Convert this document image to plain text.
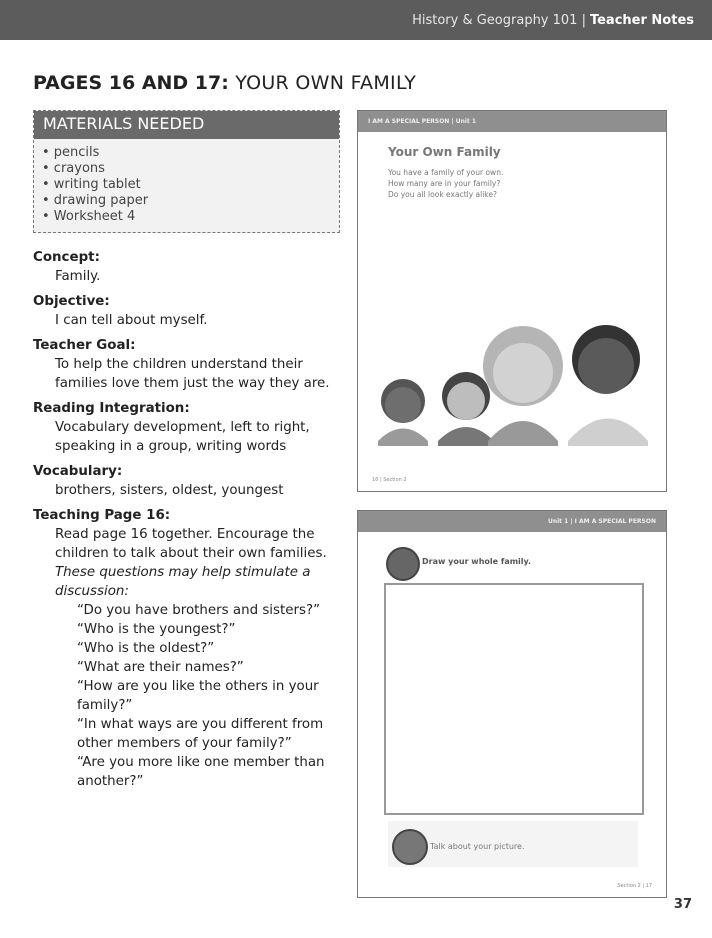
History & Geography 101 | Teacher Notes
PAGES 16 AND 17: YOUR OWN FAMILY
MATERIALS NEEDED
• pencils
• crayons
• writing tablet
• drawing paper
• Worksheet 4
Concept:
Family.
Objective:
I can tell about myself.
Teacher Goal:
To help the children understand their families love them just the way they are.
Reading Integration:
Vocabulary development, left to right, speaking in a group, writing words
Vocabulary:
brothers, sisters, oldest, youngest
Teaching Page 16:
Read page 16 together. Encourage the children to talk about their own families.
These questions may help stimulate a discussion:
“Do you have brothers and sisters?”
“Who is the youngest?”
“Who is the oldest?”
“What are their names?”
“How are you like the others in your family?”
“In what ways are you different from other members of your family?”
“Are you more like one member than another?”
I AM A SPECIAL PERSON | Unit 1
Your Own Family
You have a family of your own.
How many are in your family?
Do you all look exactly alike?
16 | Section 2
Unit 1 | I AM A SPECIAL PERSON
Draw your whole family.
Talk about your picture.
Section 2 | 17
37
